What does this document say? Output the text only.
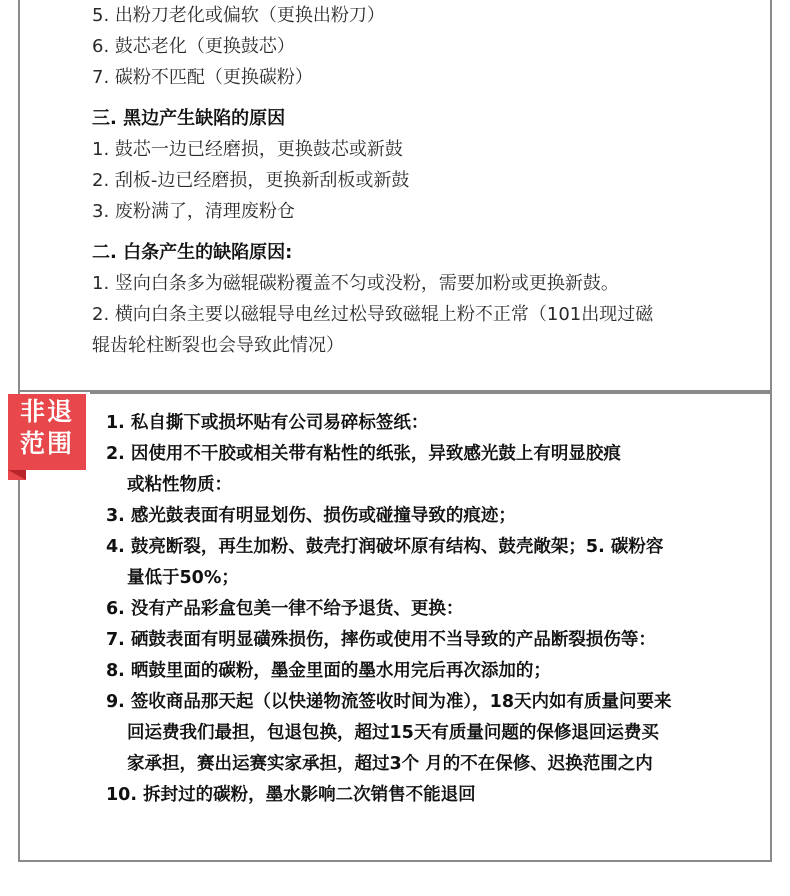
5. 出粉刀老化或偏软（更换出粉刀）
6. 鼓芯老化（更换鼓芯）
7. 碳粉不匹配（更换碳粉）
三. 黑边产生缺陷的原因
1. 鼓芯一边已经磨损，更换鼓芯或新鼓
2. 刮板-边已经磨损，更换新刮板或新鼓
3. 废粉满了，清理废粉仓
二. 白条产生的缺陷原因:
1. 竖向白条多为磁辊碳粉覆盖不匀或没粉，需要加粉或更换新鼓。
2. 横向白条主要以磁辊导电丝过松导致磁辊上粉不正常（101出现过磁
辊齿轮柱断裂也会导致此情况）
非退
范围
1. 私自撕下或损坏贴有公司易碎标签纸：
2. 因使用不干胶或相关带有粘性的纸张，异致感光鼓上有明显胶痕
或粘性物质：
3. 感光鼓表面有明显划伤、损伤或碰撞导致的痕迹；
4. 鼓亮断裂，再生加粉、鼓壳打润破坏原有结构、鼓壳敞架；5. 碳粉容
量低于50%；
6. 没有产品彩盒包美一律不给予退货、更换：
7. 硒鼓表面有明显磺殊损伤，摔伤或使用不当导致的产品断裂损伤等：
8. 晒鼓里面的碳粉，墨金里面的墨水用完后再次添加的；
9. 签收商品那天起（以快递物流签收时间为准），18天内如有质量问要来
回运费我们最担，包退包换，超过15天有质量问题的保修退回运费买
家承担，赛出运赛实家承担，超过3个 月的不在保修、迟换范围之内
10. 拆封过的碳粉，墨水影响二次销售不能退回
